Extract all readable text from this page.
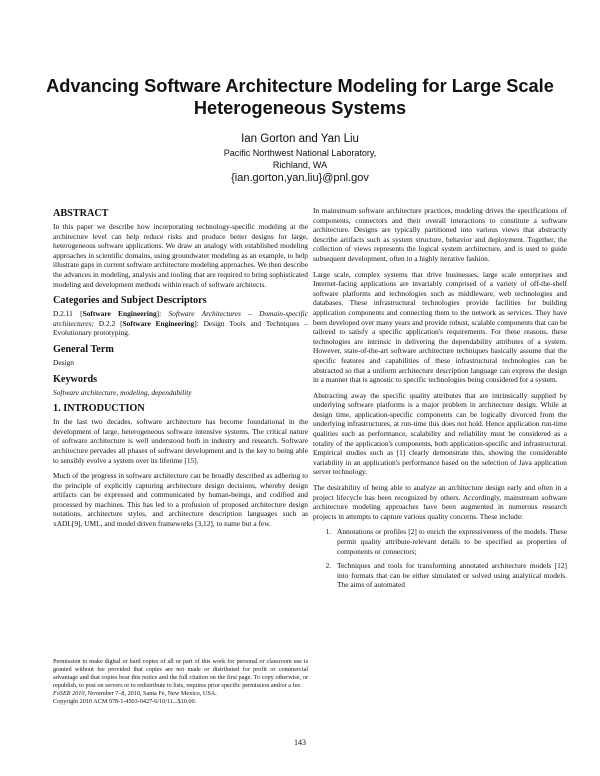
Advancing Software Architecture Modeling for Large Scale Heterogeneous Systems
Ian Gorton and Yan Liu
Pacific Northwest National Laboratory,
Richland, WA
{ian.gorton,yan.liu}@pnl.gov
ABSTRACT

In this paper we describe how incorporating technology-specific modeling at the architecture level can help reduce risks and produce better designs for large, heterogeneous software applications. We draw an analogy with established modeling approaches in scientific domains, using groundwater modeling as an example, to help illustrate gaps in current software architecture modeling approaches. We then describe the advances in modeling, analysis and tooling that are required to bring sophisticated modeling and development methods within reach of software architects.

Categories and Subject Descriptors

D.2.11 [Software Engineering]: Software Architectures – Domain-specific architectures; D.2.2 [Software Engineering]: Design Tools and Techniques – Evolutionary prototyping.

General Term

Design

Keywords

Software architecture, modeling, dependability

1. INTRODUCTION

In the last two decades, software architecture has become foundational in the development of large, heterogeneous software intensive systems. The critical nature of software architecture is well understood both in industry and research. Software architecture pervades all phases of software development and is the key to being able to sensibly evolve a system over its lifetime [15].

Much of the progress in software architecture can be broadly described as adhering to the principle of explicitly capturing architecture design decisions, whereby design artifacts can be expressed and communicated by human-beings, and codified and processed by machines. This has led to a profusion of proposed architecture design notations, architecture styles, and architecture description languages such as xADL[9], UML, and model driven frameworks [3,12], to name but a few.

Permission to make digital or hard copies of all or part of this work for personal or classroom use is granted without fee provided that copies are not made or distributed for profit or commercial advantage and that copies bear this notice and the full citation on the first page. To copy otherwise, or republish, to post on servers or to redistribute to lists, requires prior specific permission and/or a fee.

FoSER 2010, November 7–8, 2010, Santa Fe, New Mexico, USA.

Copyright 2010 ACM 978-1-4503-0427-6/10/11...$10.00.

In mainstream software architecture practices, modeling drives the specifications of components, connectors and their overall interactions to constitute a software architecture. Designs are typically partitioned into various views that abstractly describe artifacts such as system structure, behavior and deployment. Together, the collection of views represents the logical system architecture, and is used to guide subsequent development, often in a highly iterative fashion.

Large scale, complex systems that drive businesses, large scale enterprises and Internet-facing applications are invariably comprised of a variety of off-the-shelf software platforms and technologies such as middleware, web technologies and databases. These infrastructural technologies provide facilities for building application components and connecting them to the network as services. They have been developed over many years and provide robust, scalable components that can be tailored to satisfy a specific application's requirements. For these reasons, these technologies are intrinsic in delivering the dependability attributes of a system. However, state-of-the-art software architecture techniques basically assume that the specific features and capabilities of these infrastructural technologies can be abstracted so that a uniform architecture description language can express the design in a manner that is agnostic to specific technologies being considered for a system.

Abstracting away the specific quality attributes that are intrinsically supplied by underlying software platforms is a major problem in architecture design. While at design time, application-specific components can be logically divorced from the underlying infrastructures, at run-time this does not hold. Hence application run-time qualities such as performance, scalability and reliability must be considered as a totality of the application's components, both application-specific and infrastructural. Empirical studies such as [1] clearly demonstrate this, showing the considerable variability in an application's performance based on the selection of Java application server technology.

The desirability of being able to analyze an architecture design early and often in a project lifecycle has been recognized by others. Accordingly, mainstream software architecture modeling approaches have been augmented in numerous research projects in attempts to capture various quality concerns. These include:

1. Annotations or profiles [2] to enrich the expressiveness of the models. These permit quality attribute-relevant details to be specified as properties of components or connectors;
2. Techniques and tools for transforming annotated architecture models [12] into formats that can be either simulated or solved using analytical models. The aims of automated
143
